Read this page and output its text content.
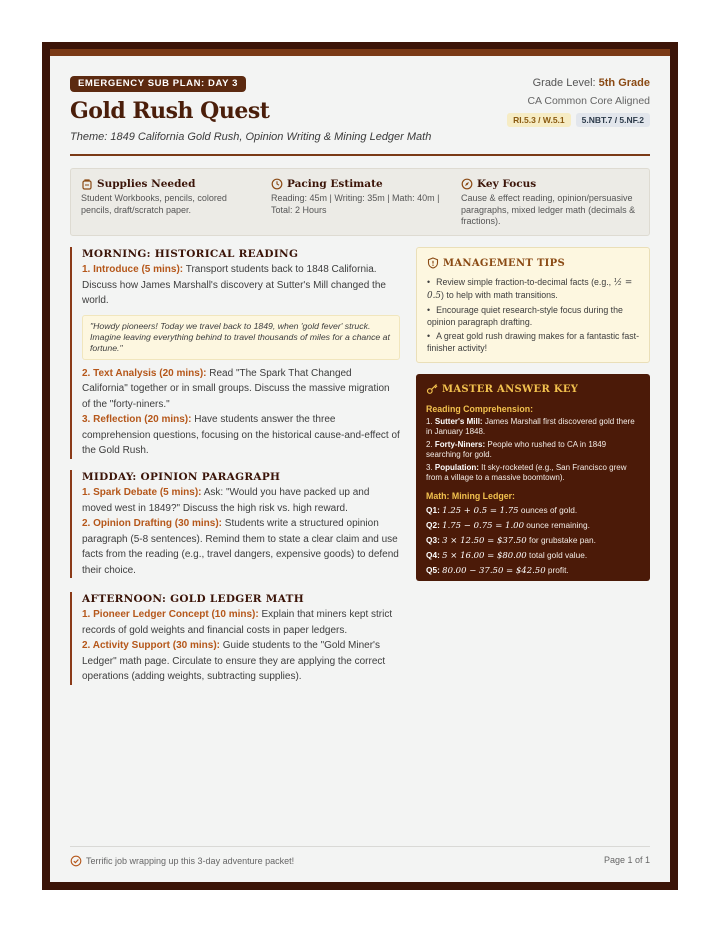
EMERGENCY SUB PLAN: DAY 3
Gold Rush Quest
Theme: 1849 California Gold Rush, Opinion Writing & Mining Ledger Math
Grade Level: 5th Grade
CA Common Core Aligned
RI.5.3 / W.5.1	5.NBT.7 / 5.NF.2
Supplies Needed

Student Workbooks, pencils, colored pencils, draft/scratch paper.

Pacing Estimate

Reading: 45m | Writing: 35m | Math: 40m | Total: 2 Hours

Key Focus

Cause & effect reading, opinion/persuasive paragraphs, mixed ledger math (decimals & fractions).

MORNING: HISTORICAL READING

1. Introduce (5 mins): Transport students back to 1848 California. Discuss how James Marshall's discovery at Sutter's Mill changed the world.

"Howdy pioneers! Today we travel back to 1849, when 'gold fever' struck. Imagine leaving everything behind to travel thousands of miles for a chance at fortune."

2. Text Analysis (20 mins): Read "The Spark That Changed California" together or in small groups. Discuss the massive migration of the "forty-niners."

3. Reflection (20 mins): Have students answer the three comprehension questions, focusing on the historical cause-and-effect of the Gold Rush.

MIDDAY: OPINION PARAGRAPH

1. Spark Debate (5 mins): Ask: "Would you have packed up and moved west in 1849?" Discuss the high risk vs. high reward.

2. Opinion Drafting (30 mins): Students write a structured opinion paragraph (5-8 sentences). Remind them to state a clear claim and use facts from the reading (e.g., travel dangers, expensive goods) to defend their choice.

AFTERNOON: GOLD LEDGER MATH

1. Pioneer Ledger Concept (10 mins): Explain that miners kept strict records of gold weights and financial costs in paper ledgers.

2. Activity Support (30 mins): Guide students to the "Gold Miner's Ledger" math page. Circulate to ensure they are applying the correct operations (adding weights, subtracting supplies).

MANAGEMENT TIPS
• Review simple fraction-to-decimal facts (e.g., ½ = 0.5) to help with math transitions.
• Encourage quiet research-style focus during the opinion paragraph drafting.
• A great gold rush drawing makes for a fantastic fast-finisher activity!
MASTER ANSWER KEY
Reading Comprehension:
1. Sutter's Mill: James Marshall first discovered gold there in January 1848.
2. Forty-Niners: People who rushed to CA in 1849 searching for gold.
3. Population: It sky-rocketed (e.g., San Francisco grew from a village to a massive boomtown).
Math: Mining Ledger:
Q1: 1.25 + 0.5 = 1.75 ounces of gold.
Q2: 1.75 − 0.75 = 1.00 ounce remaining.
Q3: 3 × 12.50 = $37.50 for grubstake pan.
Q4: 5 × 16.00 = $80.00 total gold value.
Q5: 80.00 − 37.50 = $42.50 profit.
Terrific job wrapping up this 3-day adventure packet!	Page 1 of 1
